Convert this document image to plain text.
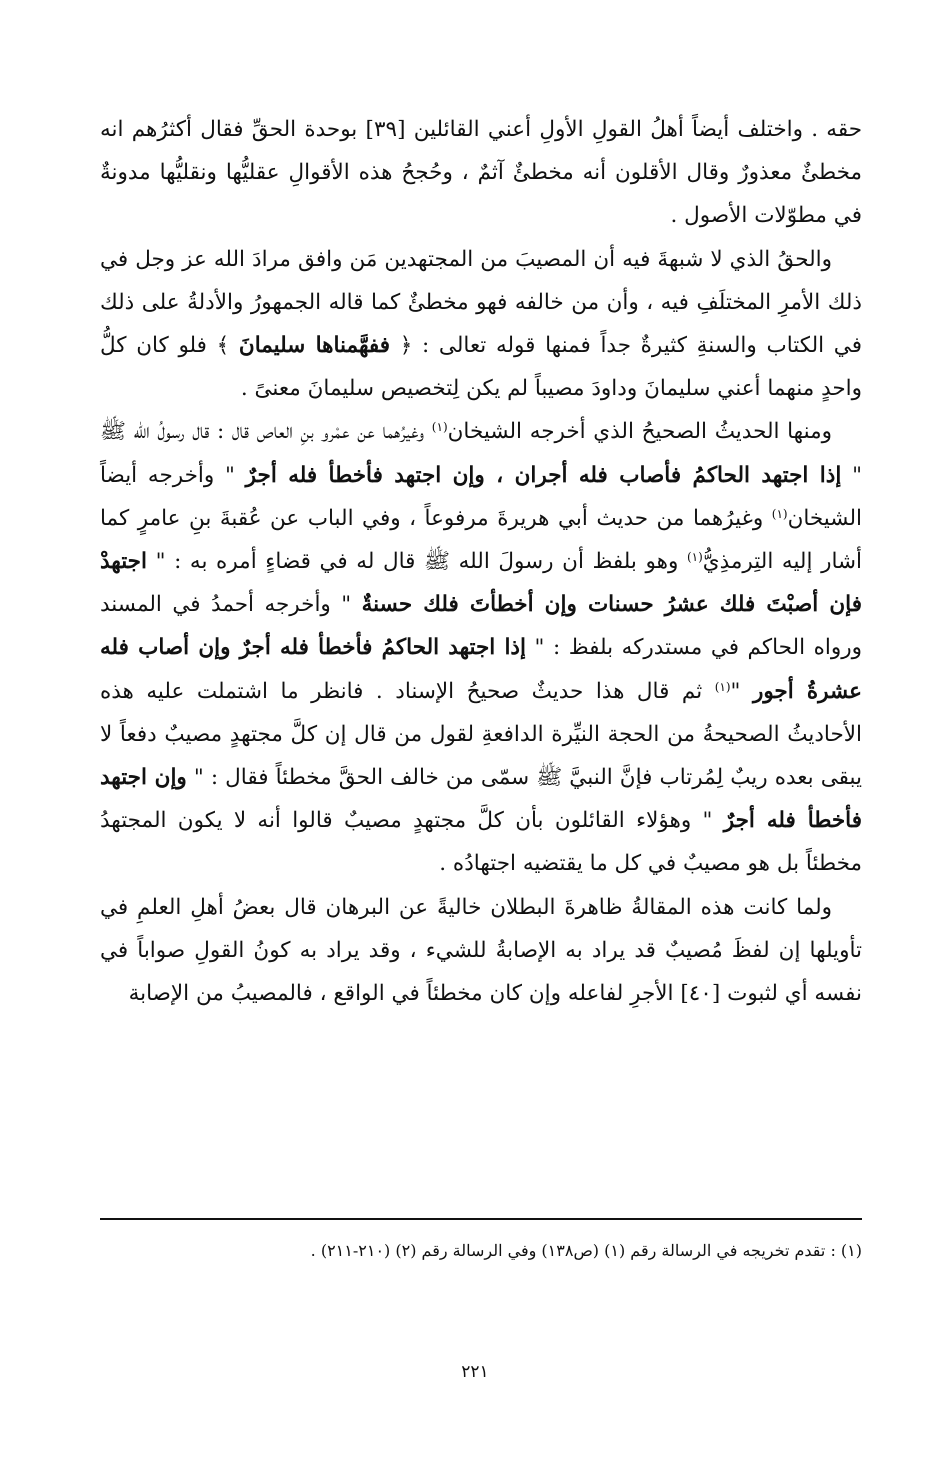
حقه . واختلف أيضاً أهلُ القولِ الأولِ أعني القائلين [٣٩] بوحدة الحقِّ فقال أكثرُهم انه مخطئٌ معذورٌ وقال الأقلون أنه مخطئٌ آثمٌ ، وحُجحُ هذه الأقوالِ عقليُّها ونقليُّها مدونةٌ في مطوّلات الأصول .

والحقُ الذي لا شبهةَ فيه أن المصيبَ من المجتهدين مَن وافق مرادَ الله عز وجل في ذلك الأمرِ المختلَفِ فيه ، وأن من خالفه فهو مخطئٌ كما قاله الجمهورُ والأدلةُ على ذلك في الكتاب والسنةِ كثيرةٌ جداً فمنها قوله تعالى : ﴿ ففهَّمناها سليمانَ ﴾ فلو كان كلُّ واحدٍ منهما أعني سليمانَ وداودَ مصيباً لم يكن لِتخصيص سليمانَ معنىً .

ومنها الحديثُ الصحيحُ الذي أخرجه الشيخان$^{(١)}$ وغيرُهما عن عمْرو بنِ العاص قال : قال رسولُ الله ﷺ " إذا اجتهد الحاكمُ فأصاب فله أجران ، وإن اجتهد فأخطأ فله أجرٌ " وأخرجه أيضاً الشيخان$^{(١)}$ وغيرُهما من حديث أبي هريرةَ مرفوعاً ، وفي الباب عن عُقبةَ بنِ عامرٍ كما أشار إليه التِرمذِيُّ$^{(١)}$ وهو بلفظ أن رسولَ الله ﷺ قال له في قضاءٍ أمره به : " اجتهدْ فإن أصبْتَ فلك عشرُ حسنات وإن أخطأتَ فلك حسنةٌ " وأخرجه أحمدُ في المسند ورواه الحاكم في مستدركه بلفظ : " إذا اجتهد الحاكمُ فأخطأ فله أجرٌ وإن أصاب فله عشرةُ أجور "$^{(١)}$ ثم قال هذا حديثٌ صحيحُ الإسناد . فانظر ما اشتملت عليه هذه الأحاديثُ الصحيحةُ من الحجة النيِّرة الدافعةِ لقول من قال إن كلَّ مجتهدٍ مصيبٌ دفعاً لا يبقى بعده ريبٌ لِمُرتاب فإنَّ النبيَّ ﷺ سمّى من خالف الحقَّ مخطئاً فقال : " وإن اجتهد فأخطأ فله أجرٌ " وهؤلاء القائلون بأن كلَّ مجتهدٍ مصيبٌ قالوا أنه لا يكون المجتهدُ مخطئاً بل هو مصيبٌ في كل ما يقتضيه اجتهادُه .

ولما كانت هذه المقالةُ ظاهرةَ البطلان خاليةً عن البرهان قال بعضُ أهلِ العلمِ في تأويلها إن لفظَ مُصيبٌ قد يراد به الإصابةُ للشيء ، وقد يراد به كونُ القولِ صواباً في نفسه أي لثبوت [٤٠] الأجرِ لفاعله وإن كان مخطئاً في الواقع ، فالمصيبُ من الإصابة

(١) : تقدم تخريجه في الرسالة رقم (١) (ص١٣٨) وفي الرسالة رقم (٢) (٢١٠-٢١١) .
٢٢١
